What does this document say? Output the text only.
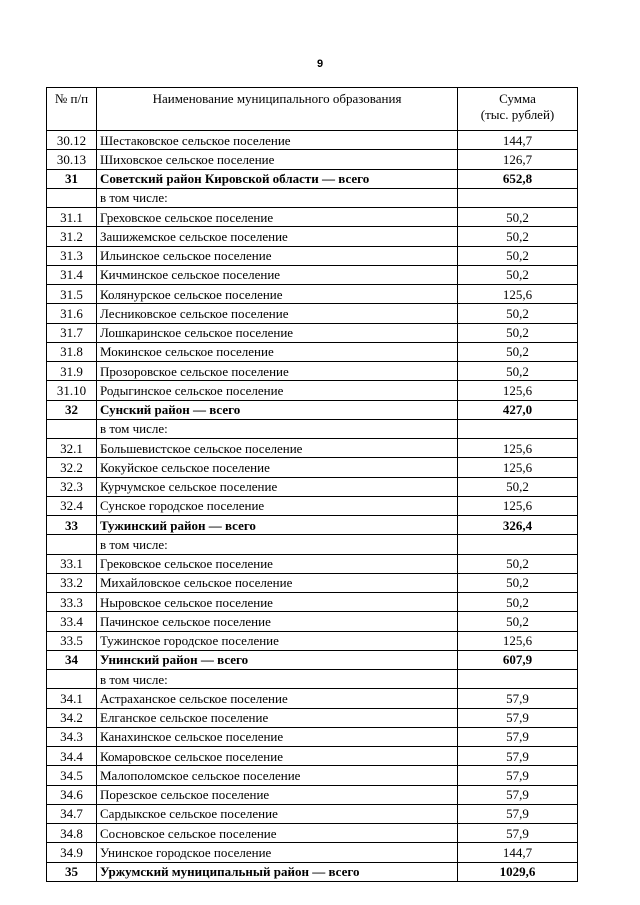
9
№ п/п	Наименование муниципального образования	Сумма
(тыс. рублей)

30.12	Шестаковское сельское поселение	144,7
30.13	Шиховское сельское поселение	126,7
31	Советский район Кировской области — всего	652,8
	в том числе:	
31.1	Греховское сельское поселение	50,2
31.2	Зашижемское сельское поселение	50,2
31.3	Ильинское сельское поселение	50,2
31.4	Кичминское сельское поселение	50,2
31.5	Колянурское сельское поселение	125,6
31.6	Лесниковское сельское поселение	50,2
31.7	Лошкаринское сельское поселение	50,2
31.8	Мокинское сельское поселение	50,2
31.9	Прозоровское сельское поселение	50,2
31.10	Родыгинское сельское поселение	125,6
32	Сунский район — всего	427,0
	в том числе:	
32.1	Большевистское сельское поселение	125,6
32.2	Кокуйское сельское поселение	125,6
32.3	Курчумское сельское поселение	50,2
32.4	Сунское городское поселение	125,6
33	Тужинский район — всего	326,4
	в том числе:	
33.1	Грековское сельское поселение	50,2
33.2	Михайловское сельское поселение	50,2
33.3	Ныровское сельское поселение	50,2
33.4	Пачинское сельское поселение	50,2
33.5	Тужинское городское поселение	125,6
34	Унинский район — всего	607,9
	в том числе:	
34.1	Астраханское сельское поселение	57,9
34.2	Елганское сельское поселение	57,9
34.3	Канахинское сельское поселение	57,9
34.4	Комаровское сельское поселение	57,9
34.5	Малополомское сельское поселение	57,9
34.6	Порезское сельское поселение	57,9
34.7	Сардыкское сельское поселение	57,9
34.8	Сосновское сельское поселение	57,9
34.9	Унинское городское поселение	144,7
35	Уржумский муниципальный район — всего	1029,6
